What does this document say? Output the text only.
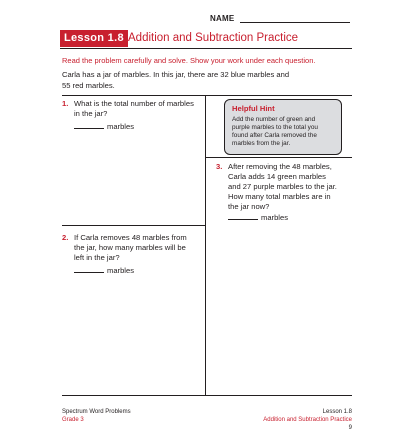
NAME
Lesson 1.8 Addition and Subtraction Practice
Read the problem carefully and solve. Show your work under each question.
Carla has a jar of marbles. In this jar, there are 32 blue marbles and
55 red marbles.
1. What is the total number of marbles
in the jar?
marbles
2. If Carla removes 48 marbles from
the jar, how many marbles will be
left in the jar?
marbles
Helpful Hint
Add the number of green and
purple marbles to the total you
found after Carla removed the
marbles from the jar.
3. After removing the 48 marbles,
Carla adds 14 green marbles
and 27 purple marbles to the jar.
How many total marbles are in
the jar now?
marbles
Spectrum Word Problems
Grade 3
Lesson 1.8
Addition and Subtraction Practice
9
